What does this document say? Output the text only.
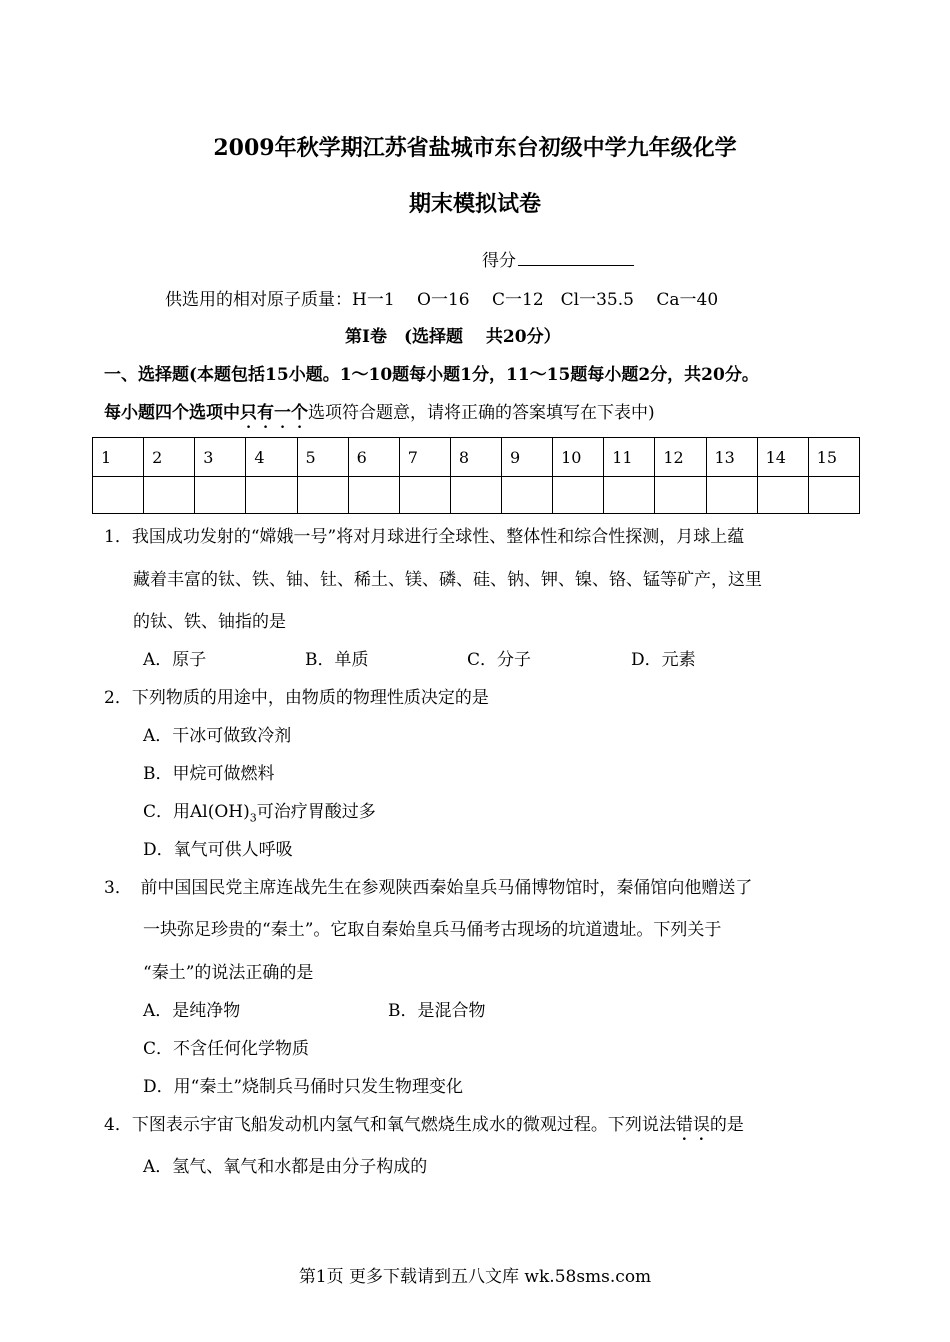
2009年秋学期江苏省盐城市东台初级中学九年级化学
期末模拟试卷
得分
供选用的相对原子质量：H一1　 O一16　 C一12　Cl一35.5　 Ca一40
第Ⅰ卷　(选择题　 共20分）
一、选择题(本题包括15小题。1～10题每小题1分，11～15题每小题2分，共20分。
每小题四个选项中只有一个选项符合题意，请将正确的答案填写在下表中)
1	2	3	4	5	6	7	8	9	10	11	12	13	14	15

1．我国成功发射的“嫦娥一号”将对月球进行全球性、整体性和综合性探测，月球上蕴
藏着丰富的钛、铁、铀、钍、稀土、镁、磷、硅、钠、钾、镍、铬、锰等矿产，这里
的钛、铁、铀指的是
A．原子	B．单质	C．分子	D．元素
2．下列物质的用途中，由物质的物理性质决定的是
A．干冰可做致冷剂
B．甲烷可做燃料
C．用$Al(OH)_3$可治疗胃酸过多
D．氧气可供人呼吸
3．　前中国国民党主席连战先生在参观陕西秦始皇兵马俑博物馆时，秦俑馆向他赠送了
一块弥足珍贵的“秦土”。它取自秦始皇兵马俑考古现场的坑道遗址。下列关于
“秦土”的说法正确的是
A．是纯净物	B．是混合物
C．不含任何化学物质
D．用“秦土”烧制兵马俑时只发生物理变化
4．下图表示宇宙飞船发动机内氢气和氧气燃烧生成水的微观过程。下列说法错误的是
A．氢气、氧气和水都是由分子构成的
第1页 更多下载请到五八文库 wk.58sms.com
